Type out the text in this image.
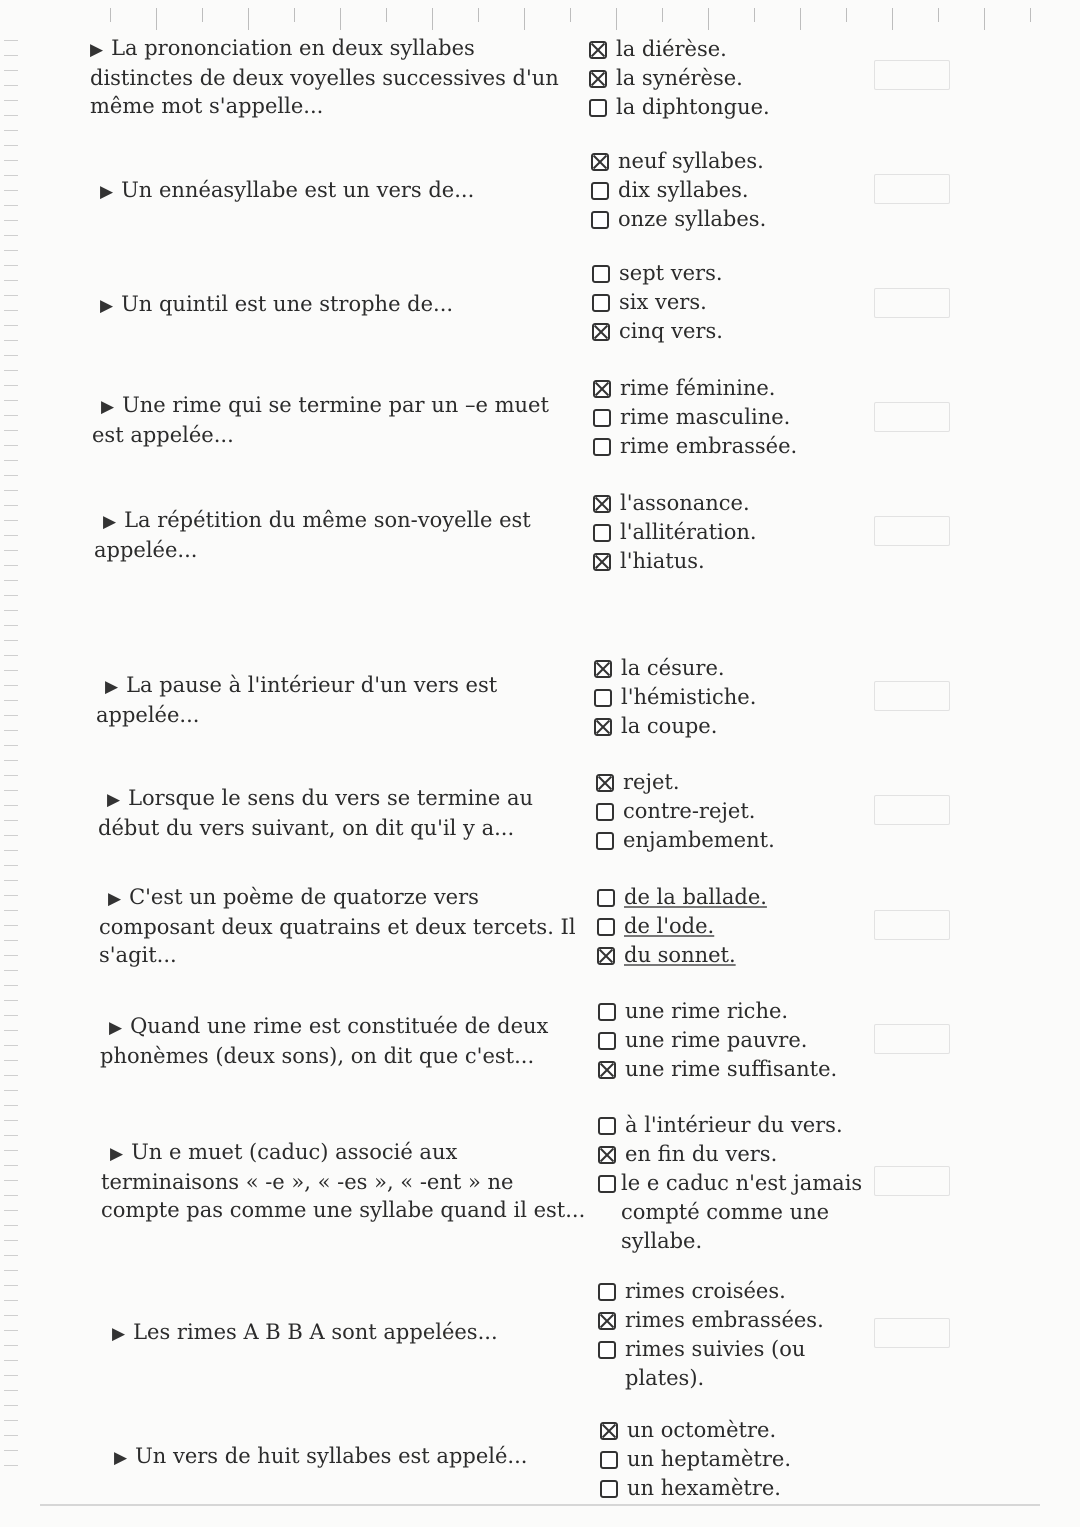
▶ La prononciation en deux syllabes
distinctes de deux voyelles successives d'un
même mot s'appelle...
la diérèse.
la synérèse.
la diphtongue.
▶ Un ennéasyllabe est un vers de...
neuf syllabes.
dix syllabes.
onze syllabes.
▶ Un quintil est une strophe de...
sept vers.
six vers.
cinq vers.
▶ Une rime qui se termine par un –e muet
est appelée...
rime féminine.
rime masculine.
rime embrassée.
▶ La répétition du même son-voyelle est
appelée...
l'assonance.
l'allitération.
l'hiatus.
▶ La pause à l'intérieur d'un vers est
appelée...
la césure.
l'hémistiche.
la coupe.
▶ Lorsque le sens du vers se termine au
début du vers suivant, on dit qu'il y a...
rejet.
contre-rejet.
enjambement.
▶ C'est un poème de quatorze vers
composant deux quatrains et deux tercets. Il
s'agit...
de la ballade.
de l'ode.
du sonnet.
▶ Quand une rime est constituée de deux
phonèmes (deux sons), on dit que c'est...
une rime riche.
une rime pauvre.
une rime suffisante.
▶ Un e muet (caduc) associé aux
terminaisons « -e », « -es », « -ent » ne
compte pas comme une syllabe quand il est...
à l'intérieur du vers.
en fin du vers.
le e caduc n'est jamais compté comme une syllabe.
▶ Les rimes A B B A sont appelées...
rimes croisées.
rimes embrassées.
rimes suivies (ou plates).
▶ Un vers de huit syllabes est appelé...
un octomètre.
un heptamètre.
un hexamètre.
